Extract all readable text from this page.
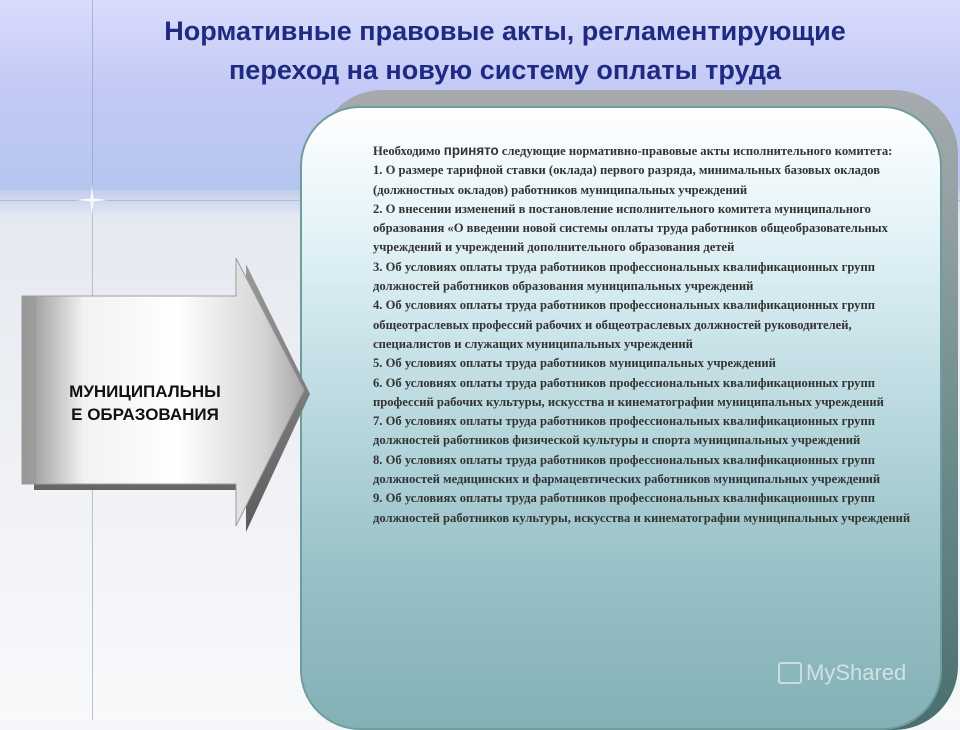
Нормативные правовые акты, регламентирующие
переход на новую систему оплаты труда

Необходимо принято следующие нормативно-правовые акты исполнительного комитета:

1. О размере тарифной ставки (оклада) первого разряда, минимальных базовых окладов (должностных окладов) работников муниципальных учреждений

2. О внесении изменений в постановление исполнительного комитета муниципального образования «О введении новой системы оплаты труда работников общеобразовательных учреждений и учреждений дополнительного образования детей

3. Об условиях оплаты труда работников профессиональных квалификационных групп должностей работников образования муниципальных учреждений

4. Об условиях оплаты труда работников профессиональных квалификационных групп общеотраслевых профессий рабочих и общеотраслевых должностей руководителей, специалистов и служащих муниципальных учреждений

5. Об условиях оплаты труда работников муниципальных учреждений

6. Об условиях оплаты труда работников профессиональных квалификационных групп профессий рабочих культуры, искусства и кинематографии муниципальных учреждений

7. Об условиях оплаты труда работников профессиональных квалификационных групп должностей работников физической культуры и спорта муниципальных учреждений

8. Об условиях оплаты труда работников профессиональных квалификационных групп должностей медицинских и фармацевтических работников муниципальных учреждений

9. Об условиях оплаты труда работников профессиональных квалификационных групп должностей работников культуры, искусства и кинематографии муниципальных учреждений

МУНИЦИПАЛЬНЫ
Е ОБРАЗОВАНИЯ

MyShared
